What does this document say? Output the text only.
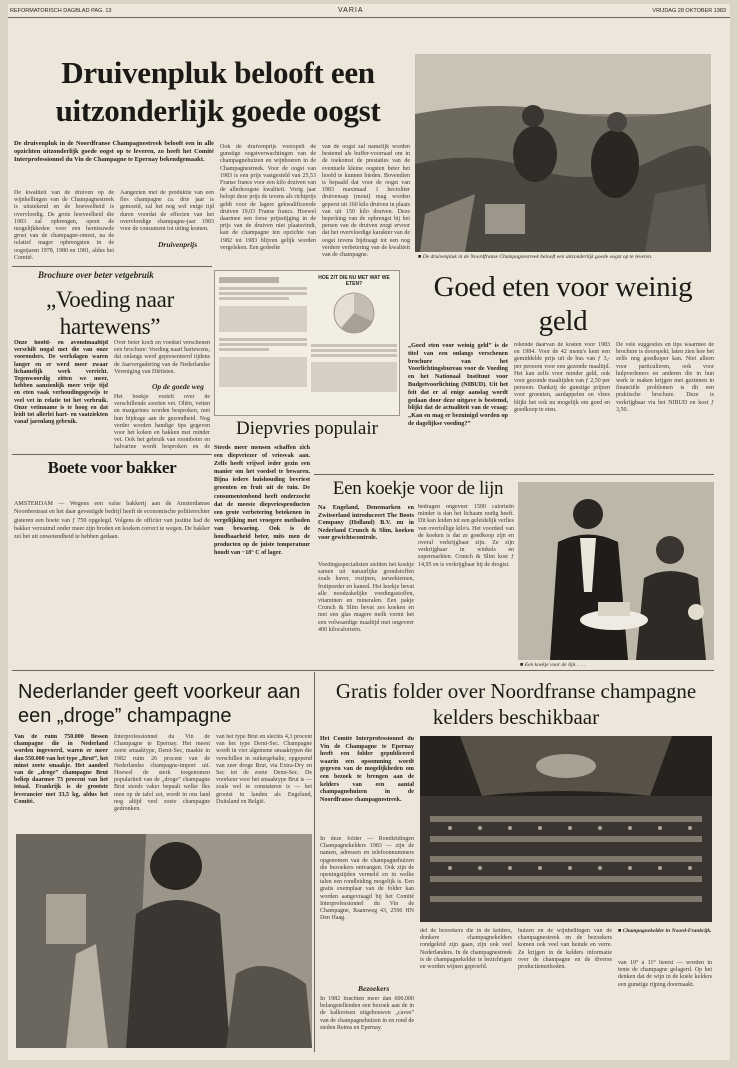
REFORMATORISCH DAGBLAD PAG. 13	VARIA	VRIJDAG 28 OKTOBER 1983
Druivenpluk belooft een uitzonderlijk goede oogst
De druivenpluk in de Noordfranse Champagnestreek belooft een in alle opzichten uitzonderlijk goede oogst op te leveren, zo heeft het Comité Interprofessionnel du Vin de Champagne te Epernay bekendgemaakt.
De kwaliteit van de druiven op de wijnhellingen van de Champagnestreek is uitstekend en de hoeveelheid is overvloedig. De grote hoeveelheid die 1983 zal opbrengen, opent de mogelijkheden voor een hernieuwde groei van de champagne-omzet, na de relatief mager opbrengsten in de oogstjaren 1978, 1980 en 1981, aldus het Comité.
Aangezien met de produktie van een fles champagne ca. drie jaar is gemoeid, zal het nog wel enige tijd duren voordat de effecten van het overvloedige champagne-jaar 1983 voor de consument tot uiting komen.
Druivenprijs
Ook de druivenprijs voorspelt de gunstige oogstverwachtingen van de champagnehuizen en wijnboeren in de Champagnestreek. Voor de oogst van 1983 is een prijs vastgesteld van 25,53 Franse francs voor een kilo druiven van de allerhoogste kwaliteit. Vorig jaar belopt deze prijs de tevens als richtprijs geldt voor de lagere gekwalificeerde druiven 19,03 Franse francs. Hoewel daarmee een forse prijsstijging in de prijs van de druiven niet plaatsvindt, kan de champagne ten opzichte van 1982 tot 1983 blijven gelijk worden vergeleken. Een gedeelte
van de oogst zal namelijk worden bestemd als buffer-voorraad om in de toekomst de prestaties van de eventuele kleine oogsten beter het hoofd te kunnen bieden. Bovendien is bepaald dat voor de oogst van 1983 maximaal 1 hectoliter druivensap (mout) mag worden geperst uit 160 kilo druiven in plaats van uit 150 kilo druiven. Deze beperking van de opbrengst bij het persen van de druiven zorgt ervoor dat het overvloedige karakter van de oogst tevens bijdraagt tot een nog verdere verbetering van de kwaliteit van de champagne.
■	De druivenpluk in de Noordfranse Champagnestreek belooft een uitzonderlijk goede oogst op te leveren.
Brochure over beter vetgebruik
„Voeding naar hartewens”
Onze hoofd- en avondmaaltijd verschilt nogal met die van onze voorouders. De werkdagen waren langer en er werd meer zwaar lichamelijk werk verricht. Tegenwoordig zitten we meer, hebben aanzienlijk meer vrije tijd en eten vaak verhoudingsgewijs te veel vet in relatie tot het verbruik. Onze vetinname is te hoog en dat leidt tot allerlei hart- en vaatziekten vanaf jarenlang gebruik.
Over beter koch en voedsel verschenen een brochure: Voeding naart hartewens, dat onlangs werd gepresenteerd tijdens de Jaarvergadering van de Nederlandse Vereniging van Diëtisten.
Op de goede weg
Het boekje vestelt over de verschillende soorten vet. Oliën, vetten en margarines worden besproken, met hun bijdrage aan de gezondheid. Nog verder worden handige tips gegeven voor het koken en bakken met minder vet. Ook het gebruik van roomboter en halvarine wordt besproken en de
HOE ZIT DIE NU MET WAT WE ETEN?
Boete voor bakker
AMSTERDAM — Wegens een valse bakkerij aan de Amsterdamse Noorderstraat en het daar gevestigde bedrijf heeft de economische politierechter gisteren een boete van ƒ 750 opgelegd. Volgens de officier van justitie had de bakker verzuimd onder meer zijn broden en koeken correct te wegen. De bakker zei het uit onwetendheid te hebben gedaan.
Diepvries populair
Steeds meer mensen schaffen zich een diepvriezer of vriesvak aan. Zelfs heeft vrijwel ieder gezin een manier om het voedsel te bewaren. Bijna iedere huishouding bevriest groenten en fruit uit de tuin. De consumentenbond heeft onderzocht dat de meeste diepvriesproducten een grote verbetering betekenen in vergelijking met vroegere methoden van bewaring. Ook is de houdbaarheid beter, mits men de producten op de juiste temperatuur houdt van −18° C of lager.
Goed eten voor weinig geld
„Goed eten voor weinig geld” is de titel van een onlangs verschenen brochure van het Voorlichtingsbureau voor de Voeding en het Nationaal Instituut voor Budgetvoorlichting (NIBUD). Uit het feit dat er al enige aanslag wordt gedaan door deze uitgave is bestemd, blijkt dat de actualiteit van de vraag: „Kan en mag er bezuinigd worden op de dagelijkse voeding?”
rekende daarvan de kosten voor 1983 en 1984. Voor de 42 menu's kent een gemiddelde prijs uit de bus van ƒ 3,- per persoon voor een gezonde maaltijd. Het kan zelfs voor minder geld, ook voor gezonde maaltijden van ƒ 2,50 per persoon. Dankzij de gunstige prijzen voor groenten, aardappelen en vlees blijkt het ook nu mogelijk om goed en goedkoop te eten.
De vele suggesties en tips waarmee de brochure is doorspekt, laten zien hoe het zelfs nog goedkoper kan. Niet alleen voor particulieren, ook voor hulpverleners en anderen die in hun werk te maken krijgen met gezinnen in financiële problemen is dit een praktische brochure. Deze is verkrijgbaar via het NIBUD en kost ƒ 3,50.
Een koekje voor de lijn
Na Engeland, Denemarken en Zwitserland introduceert The Boots Company (Holland) B.V. nu in Nederland Crunch & Slim, koeken voor gewichtscontrole.
Voedingsspecialisten stelden het koekje samen uit natuurlijke grondstoffen zoals haver, rozijnen, tarwekiemen, fruitpoeder en kaneel. Het koekje bevat alle noodzakelijke voedingsstoffen, vitaminen en mineralen. Een pakje Crunch & Slim bevat zes koeken en met een glas magere melk vormt het een volwaardige maaltijd met ongeveer 400 kilocalorieën.
bedragen ongeveer 1500 calorieën minder is dan het lichaam nodig heeft. Dit kan leiden tot een geleidelijk verlies van overtollige kilo's. Het voordeel van de koeken is dat ze goedkoop zijn en overal verkrijgbaar zijn. Ze zijn verkrijgbaar in winkels en supermarkten. Crunch & Slim kost ƒ 14,95 en is verkrijgbaar bij de drogist.
■ Een koekje voor de lijn. . . .
Nederlander geeft voorkeur aan een „droge” champagne
Van de ruim 750.000 flessen champagne die in Nederland worden ingevoerd, waren er meer dan 550.000 van het type „Brut”, het minst zoete smaakje. Het aandeel van de „droge” champagne Brut beliep daarmee 73 procent van het totaal. Frankrijk is de grootste leverancier met 33,5 kg, aldus het Comité.
Interprofessionnel du Vin de Champagne te Epernay. Het meest zoete smaaktype, Demi-Sec, maakte in 1982 ruim 26 procent van de Nederlandse champagne-import uit. Hoewel de sterk toegenomen populariteit van de „droge” champagne Brut steeds vaker bepaalt welke fles men op de tafel zet, wordt in ons land nog altijd veel zoete champagne gedronken.
van het type Brut en slechts 4,3 procent van het type Demi-Sec. Champagne wordt in vier algemene smaaktypen die verschillen in suikergehalte, opgepend van zeer droge Brut, via Extra-Dry en Sec tot de zoete Demi-Sec. De voorkeur voor het smaaktype Brut is — zoals wel te constateren is — het grootst in landen als Engeland, Duitsland en België.
Gratis folder over Noordfranse champagne kelders beschikbaar
Het Comité Interprofessionnel du Vin de Champagne te Epernay heeft een folder gepubliceerd waarin een opsomming wordt gegeven van de mogelijkheden om een bezoek te brengen aan de kelders van een aantal champagnehuizen in de Noordfranse champagnestreek.
In deze folder — Rondleidingen Champagnekelders 1983 — zijn de namen, adressen en telefoonnummers opgenomen van de champagnehuizen die bezoekers ontvangen. Ook zijn de openingstijden vermeld en in welke talen een rondleiding mogelijk is. Een gratis exemplaar van de folder kan worden aangevraagd bij het Comité Interprofessionnel du Vin de Champagne, Raamweg 43, 2596 HN Den Haag.
Bezoekers
In 1982 brachten meer dan 600.000 belangstellenden een bezoek aan de in de kalkrotsen uitgehouwen „caves” van de champagnehuizen in en rond de steden Reims en Epernay.
del de bezoekers die in de kelders, donkere champagnekelders rondgeleid zijn gaan, zijn ook veel Nederlanders. In de champagnestreek is de champagnekelder te bezichtigen en worden wijnen geproefd.
huizen en de wijnhellingen van de champagnestreek en de bezoekers komen ook veel van heinde en verre. Ze krijgen in de kelders informatie over de champagne en de diverse productiemethoden.
■ Champagnekelder in Noord-Frankrijk.
van 10° à 11° heerst — worden in tente de champagne gelagerd. Op het denken dat de wijn in de koele kelders een gunstige rijping doormaakt.
